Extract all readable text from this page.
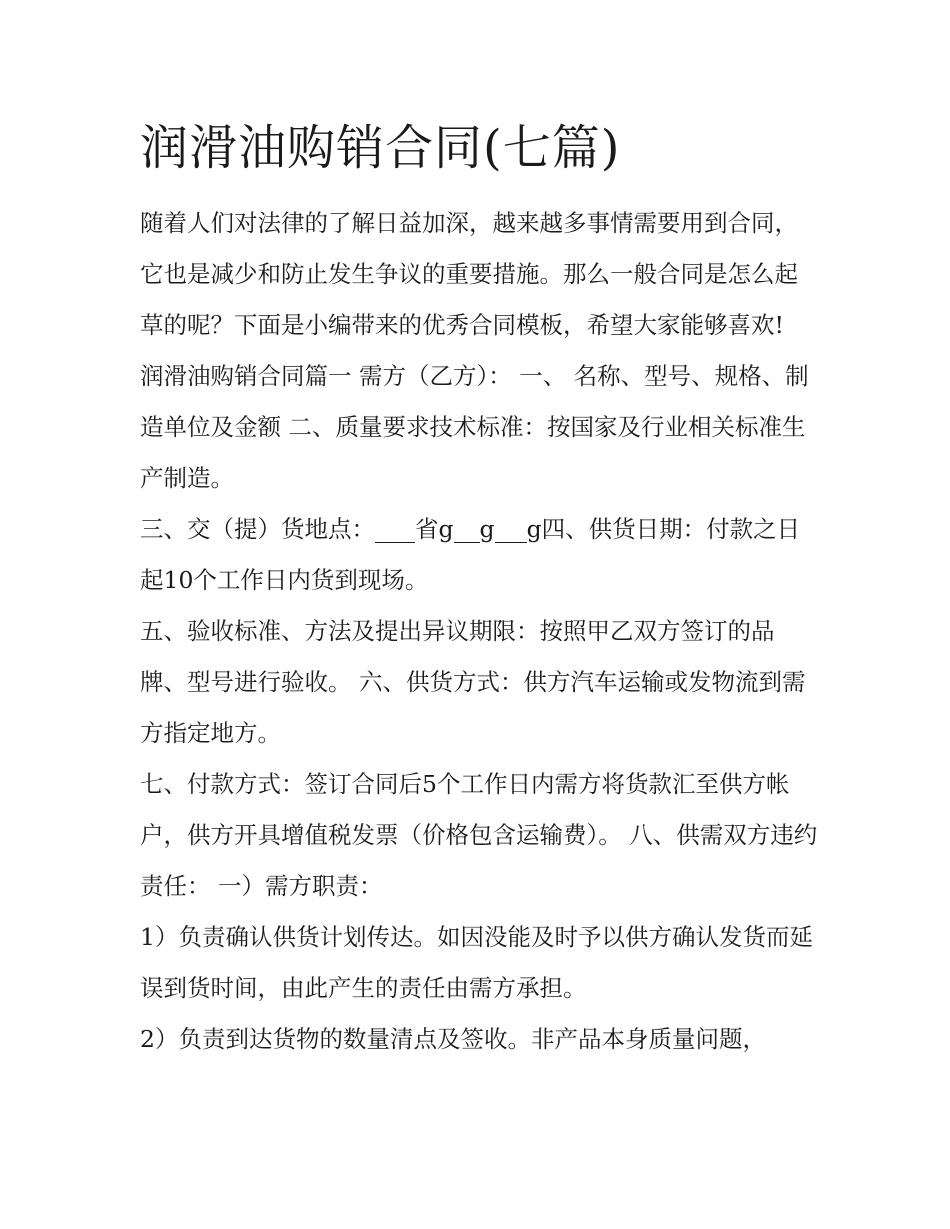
润滑油购销合同(七篇)

随着人们对法律的了解日益加深，越来越多事情需要用到合同，它也是减少和防止发生争议的重要措施。那么一般合同是怎么起草的呢？下面是小编带来的优秀合同模板，希望大家能够喜欢!

润滑油购销合同篇一 需方（乙方）： 一、 名称、型号、规格、制造单位及金额 二、质量要求技术标准：按国家及行业相关标准生产制造。

三、交（提）货地点： 省g g g四、供货日期：付款之日起10个工作日内货到现场。

五、验收标准、方法及提出异议期限：按照甲乙双方签订的品牌、型号进行验收。 六、供货方式：供方汽车运输或发物流到需方指定地方。

七、付款方式：签订合同后5个工作日内需方将货款汇至供方帐户，供方开具增值税发票（价格包含运输费）。 八、供需双方违约责任： 一）需方职责：

1）负责确认供货计划传达。如因没能及时予以供方确认发货而延误到货时间，由此产生的责任由需方承担。

2）负责到达货物的数量清点及签收。非产品本身质量问题，
